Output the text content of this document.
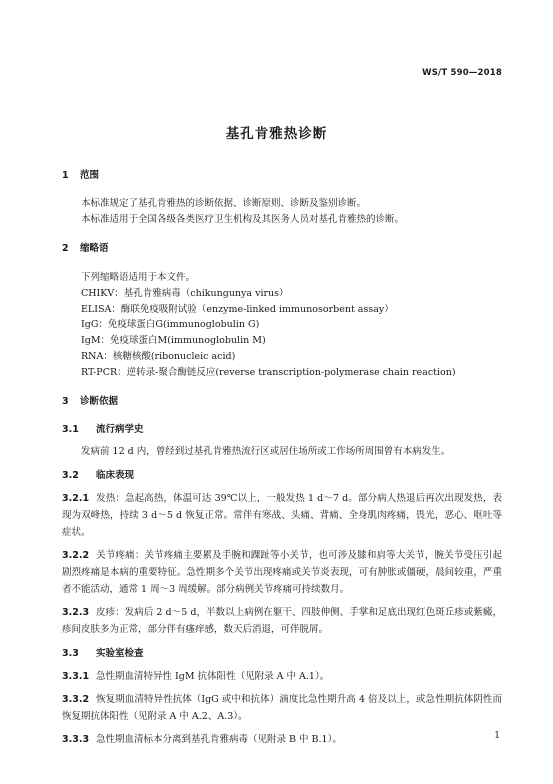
WS/T 590—2018
基孔肯雅热诊断
1 范围
本标准规定了基孔肯雅热的诊断依据、诊断原则、诊断及鉴别诊断。
本标准适用于全国各级各类医疗卫生机构及其医务人员对基孔肯雅热的诊断。
2 缩略语
下列缩略语适用于本文件。
CHIKV：基孔肯雅病毒（chikungunya virus）
ELISA：酶联免疫吸附试验（enzyme-linked immunosorbent assay）
IgG：免疫球蛋白G(immunoglobulin G)
IgM：免疫球蛋白M(immunoglobulin M)
RNA：核糖核酸(ribonucleic acid)
RT-PCR：逆转录-聚合酶链反应(reverse transcription-polymerase chain reaction)
3 诊断依据
3.1 流行病学史
发病前 12 d 内，曾经到过基孔肯雅热流行区或居住场所或工作场所周围曾有本病发生。
3.2 临床表现
3.2.1 发热：急起高热，体温可达 39℃以上，一般发热 1 d～7 d。部分病人热退后再次出现发热，表现为双峰热，持续 3 d～5 d 恢复正常。常伴有寒战、头痛、背痛、全身肌肉疼痛，畏光，恶心、呕吐等症状。
3.2.2 关节疼痛：关节疼痛主要累及手腕和踝趾等小关节，也可涉及膝和肩等大关节，腕关节受压引起剧烈疼痛是本病的重要特征。急性期多个关节出现疼痛或关节炎表现，可有肿胀或僵硬，晨间较重，严重者不能活动，通常 1 周～3 周缓解。部分病例关节疼痛可持续数月。
3.2.3 皮疹：发病后 2 d～5 d，半数以上病例在躯干、四肢伸侧、手掌和足底出现红色斑丘疹或紫癜，疹间皮肤多为正常，部分伴有瘙痒感，数天后消退，可伴脱屑。
3.3 实验室检查
3.3.1 急性期血清特异性 IgM 抗体阳性（见附录 A 中 A.1）。
3.3.2 恢复期血清特异性抗体（IgG 或中和抗体）滴度比急性期升高 4 倍及以上，或急性期抗体阴性而恢复期抗体阳性（见附录 A 中 A.2、A.3）。
3.3.3 急性期血清标本分离到基孔肯雅病毒（见附录 B 中 B.1）。	1
